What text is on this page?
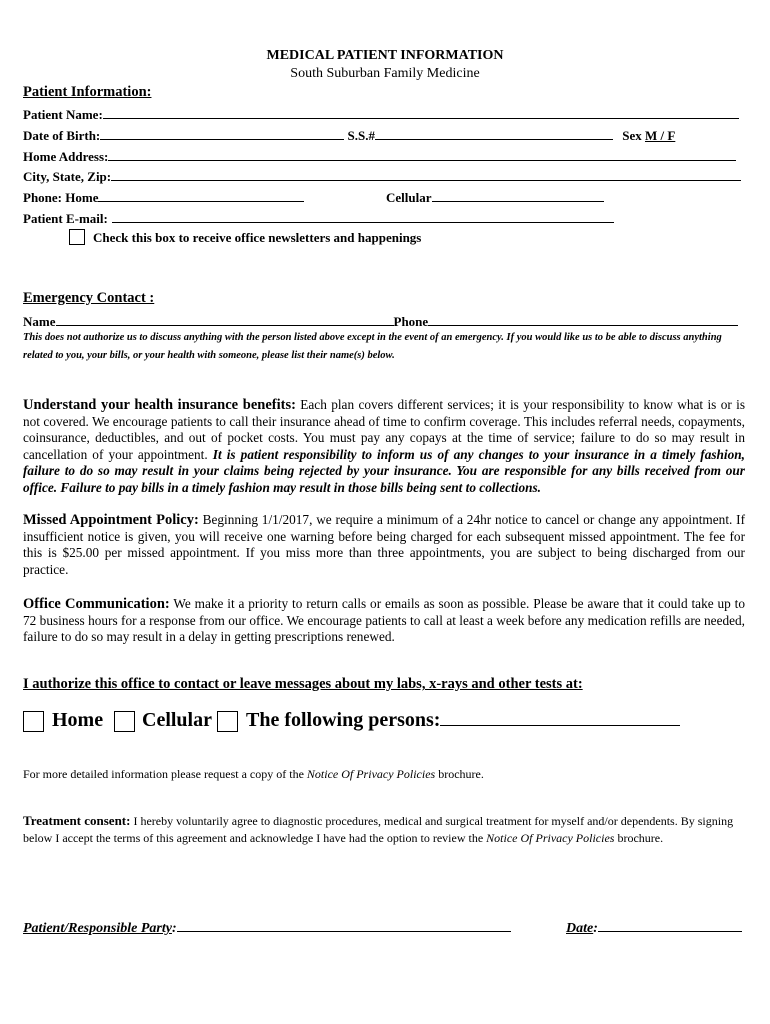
MEDICAL PATIENT INFORMATION
South Suburban Family Medicine
Patient Information:
Patient Name:
Date of Birth:	S.S.#	Sex M / F
Home Address:
City, State, Zip:
Phone: Home	Cellular
Patient E-mail:
Check this box to receive office newsletters and happenings
Emergency Contact :
Name	Phone
This does not authorize us to discuss anything with the person listed above except in the event of an emergency. If you would like us to be able to discuss anything related to you, your bills, or your health with someone, please list their name(s) below.
Understand your health insurance benefits: Each plan covers different services; it is your responsibility to know what is or is not covered. We encourage patients to call their insurance ahead of time to confirm coverage. This includes referral needs, copayments, coinsurance, deductibles, and out of pocket costs. You must pay any copays at the time of service; failure to do so may result in cancellation of your appointment. It is patient responsibility to inform us of any changes to your insurance in a timely fashion, failure to do so may result in your claims being rejected by your insurance. You are responsible for any bills received from our office. Failure to pay bills in a timely fashion may result in those bills being sent to collections.
Missed Appointment Policy: Beginning 1/1/2017, we require a minimum of a 24hr notice to cancel or change any appointment. If insufficient notice is given, you will receive one warning before being charged for each subsequent missed appointment. The fee for this is $25.00 per missed appointment. If you miss more than three appointments, you are subject to being discharged from our practice.
Office Communication: We make it a priority to return calls or emails as soon as possible. Please be aware that it could take up to 72 business hours for a response from our office. We encourage patients to call at least a week before any medication refills are needed, failure to do so may result in a delay in getting prescriptions renewed.
I authorize this office to contact or leave messages about my labs, x-rays and other tests at:
Home Cellular The following persons:
For more detailed information please request a copy of the Notice Of Privacy Policies brochure.
Treatment consent: I hereby voluntarily agree to diagnostic procedures, medical and surgical treatment for myself and/or dependents. By signing below I accept the terms of this agreement and acknowledge I have had the option to review the Notice Of Privacy Policies brochure.
Patient/Responsible Party:	Date:
